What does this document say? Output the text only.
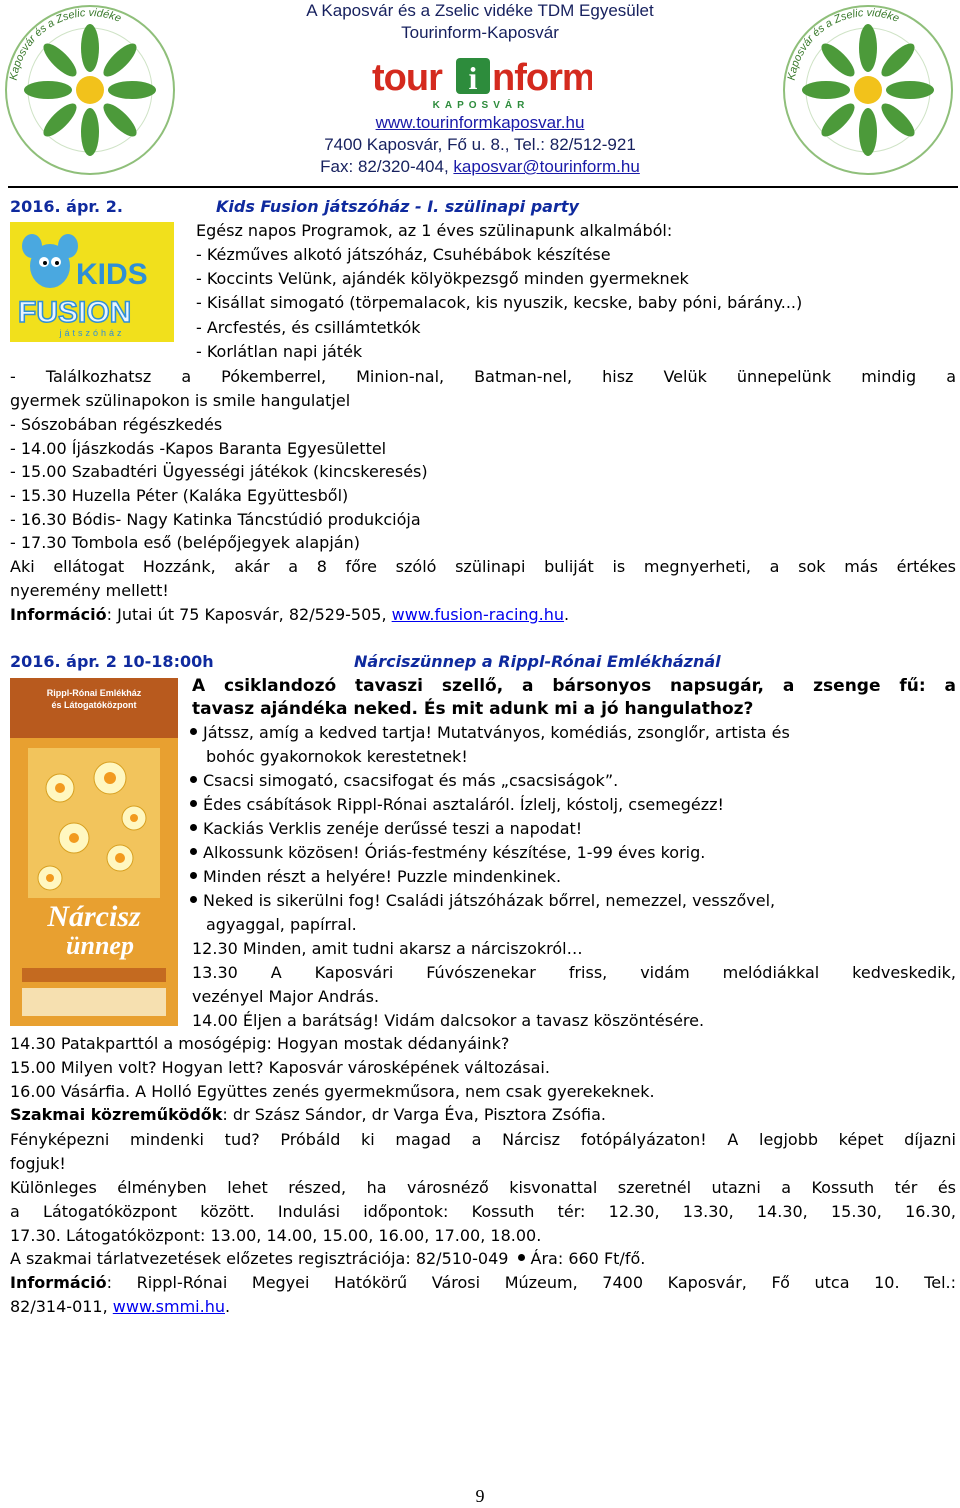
Kaposvár és a Zselic vidéke
Kaposvár és a Zselic vidéke
A Kaposvár és a Zselic vidéke TDM Egyesület
Tourinform-Kaposvár
tour i nform
KAPOSVÁR
www.tourinformkaposvar.hu
7400 Kaposvár, Fő u. 8., Tel.: 82/512-921
Fax: 82/320-404, kaposvar@tourinform.hu
2016. ápr. 2.	Kids Fusion játszóház - I. szülinapi party
KIDS
FUSION
játszóház
Egész napos Programok, az 1 éves szülinapunk alkalmából:
- Kézműves alkotó játszóház, Csuhébábok készítése
- Koccints Velünk, ajándék kölyökpezsgő minden gyermeknek
- Kisállat simogató (törpemalacok, kis nyuszik, kecske, baby póni, bárány...)
- Arcfestés, és csillámtetkók
- Korlátlan napi játék
- Találkozhatsz a Pókemberrel, Minion-nal, Batman-nel, hisz Velük ünnepelünk mindig a
gyermek szülinapokon is smile hangulatjel
- Sószobában régészkedés
- 14.00 Íjászkodás -Kapos Baranta Egyesülettel
- 15.00 Szabadtéri Ügyességi játékok (kincskeresés)
- 15.30 Huzella Péter (Kaláka Együttesből)
- 16.30 Bódis- Nagy Katinka Táncstúdió produkciója
- 17.30 Tombola eső (belépőjegyek alapján)
Aki ellátogat Hozzánk, akár a 8 főre szóló szülinapi buliját is megnyerheti, a sok más értékes
nyeremény mellett!
Információ: Jutai út 75 Kaposvár, 82/529-505, www.fusion-racing.hu.
2016. ápr. 2 10-18:00h	Nárciszünnep a Rippl-Rónai Emlékháznál
Rippl-Rónai Emlékház
és Látogatóközpont
Nárcisz
ünnep
A csiklandozó tavaszi szellő, a bársonyos napsugár, a zsenge fű: a
tavasz ajándéka neked. És mit adunk mi a jó hangulathoz?
Játssz, amíg a kedved tartja! Mutatványos, komédiás, zsonglőr, artista és
bohóc gyakornokok kerestetnek!
Csacsi simogató, csacsifogat és más „csacsiságok”.
Édes csábítások Rippl-Rónai asztaláról. Ízlelj, kóstolj, csemegézz!
Kackiás Verklis zenéje derűssé teszi a napodat!
Alkossunk közösen! Óriás-festmény készítése, 1-99 éves korig.
Minden részt a helyére! Puzzle mindenkinek.
Neked is sikerülni fog! Családi játszóházak bőrrel, nemezzel, vesszővel,
agyaggal, papírral.
12.30 Minden, amit tudni akarsz a nárciszokról…
13.30 A Kaposvári Fúvószenekar friss, vidám melódiákkal kedveskedik,
vezényel Major András.
14.00 Éljen a barátság! Vidám dalcsokor a tavasz köszöntésére.
14.30 Patakparttól a mosógépig: Hogyan mostak dédanyáink?
15.00 Milyen volt? Hogyan lett? Kaposvár városképének változásai.
16.00 Vásárfia. A Holló Együttes zenés gyermekműsora, nem csak gyerekeknek.
Szakmai közreműködők: dr Szász Sándor, dr Varga Éva, Pisztora Zsófia.
Fényképezni mindenki tud? Próbáld ki magad a Nárcisz fotópályázaton! A legjobb képet díjazni
fogjuk!
Különleges élményben lehet részed, ha városnéző kisvonattal szeretnél utazni a Kossuth tér és
a Látogatóközpont között. Indulási időpontok: Kossuth tér: 12.30, 13.30, 14.30, 15.30, 16.30,
17.30. Látogatóközpont: 13.00, 14.00, 15.00, 16.00, 17.00, 18.00.
A szakmai tárlatvezetések előzetes regisztrációja: 82/510-049 Ára: 660 Ft/fő.
Információ: Rippl-Rónai Megyei Hatókörű Városi Múzeum, 7400 Kaposvár, Fő utca 10. Tel.:
82/314-011, www.smmi.hu.
9
